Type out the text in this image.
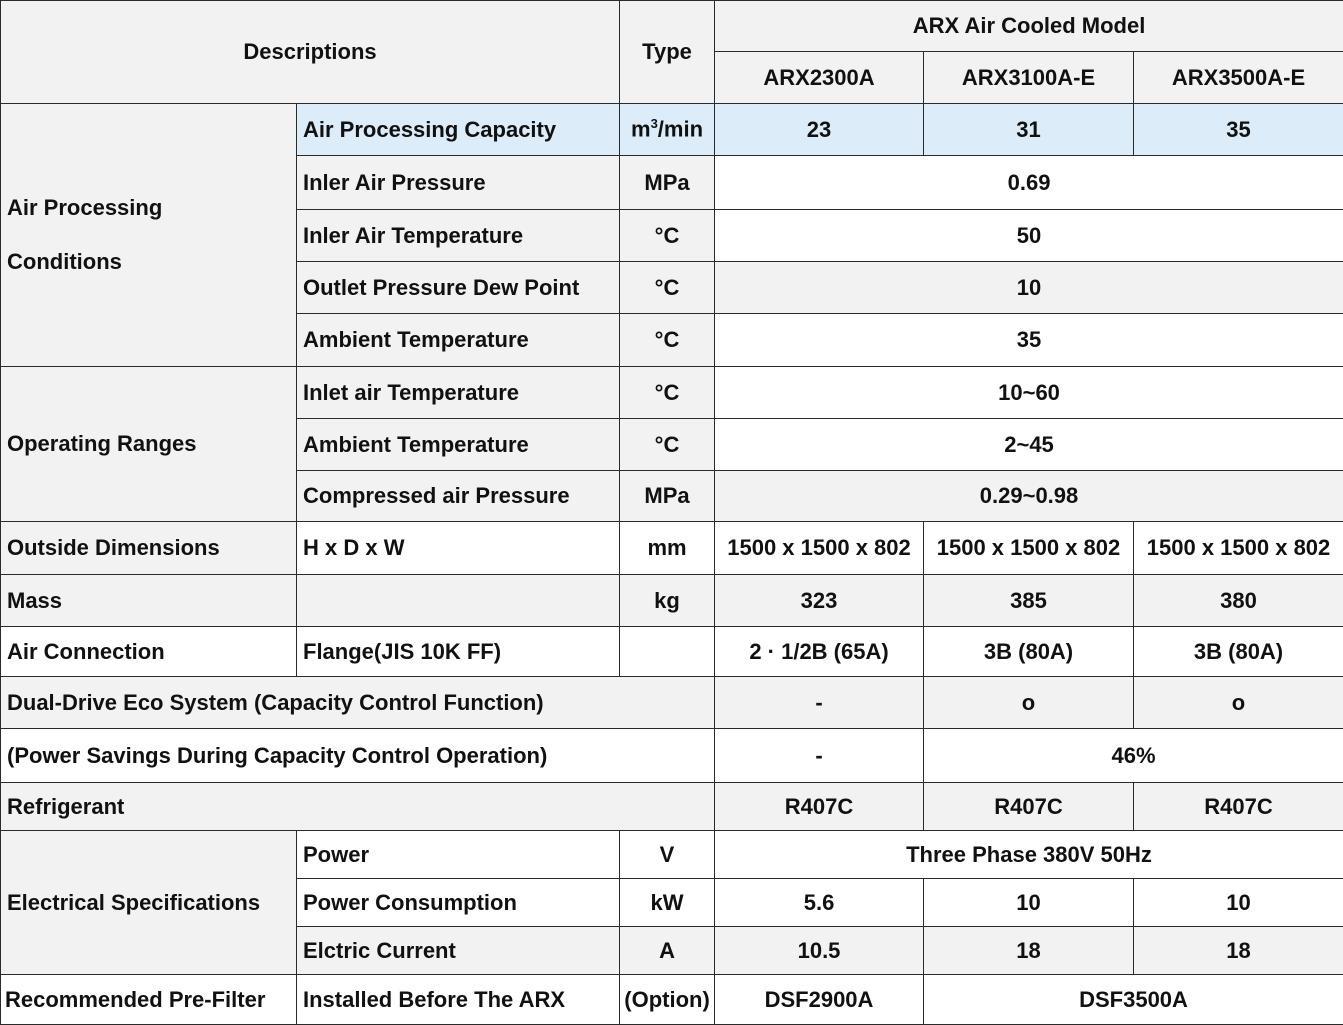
Descriptions		Type	ARX Air Cooled Model		
			ARX2300A	ARX3100A-E	ARX3500A-E

Air Processing
Conditions	Air Processing Capacity	$m^3/\min$	23	31	35
	Inler Air Pressure	MPa	0.69		
	Inler Air Temperature	°C	50		
	Outlet Pressure Dew Point	°C	10		
	Ambient Temperature	°C	35		
Operating Ranges	Inlet air Temperature	°C	10~60		
	Ambient Temperature	°C	2~45		
	Compressed air Pressure	MPa	0.29~0.98		
Outside Dimensions	H x D x W	mm	1500 x 1500 x 802	1500 x 1500 x 802	1500 x 1500 x 802
Mass		kg	323	385	380
Air Connection	Flange(JIS 10K FF)		2 · 1/2B (65A)	3B (80A)	3B (80A)
Dual-Drive Eco System (Capacity Control Function)			-	o	o
(Power Savings During Capacity Control Operation)			-	46%	
Refrigerant			R407C	R407C	R407C
Electrical Specifications	Power	V	Three Phase 380V 50Hz		
	Power Consumption	kW	5.6	10	10
	Elctric Current	A	10.5	18	18
Recommended Pre-Filter	Installed Before The ARX	(Option)	DSF2900A	DSF3500A	
